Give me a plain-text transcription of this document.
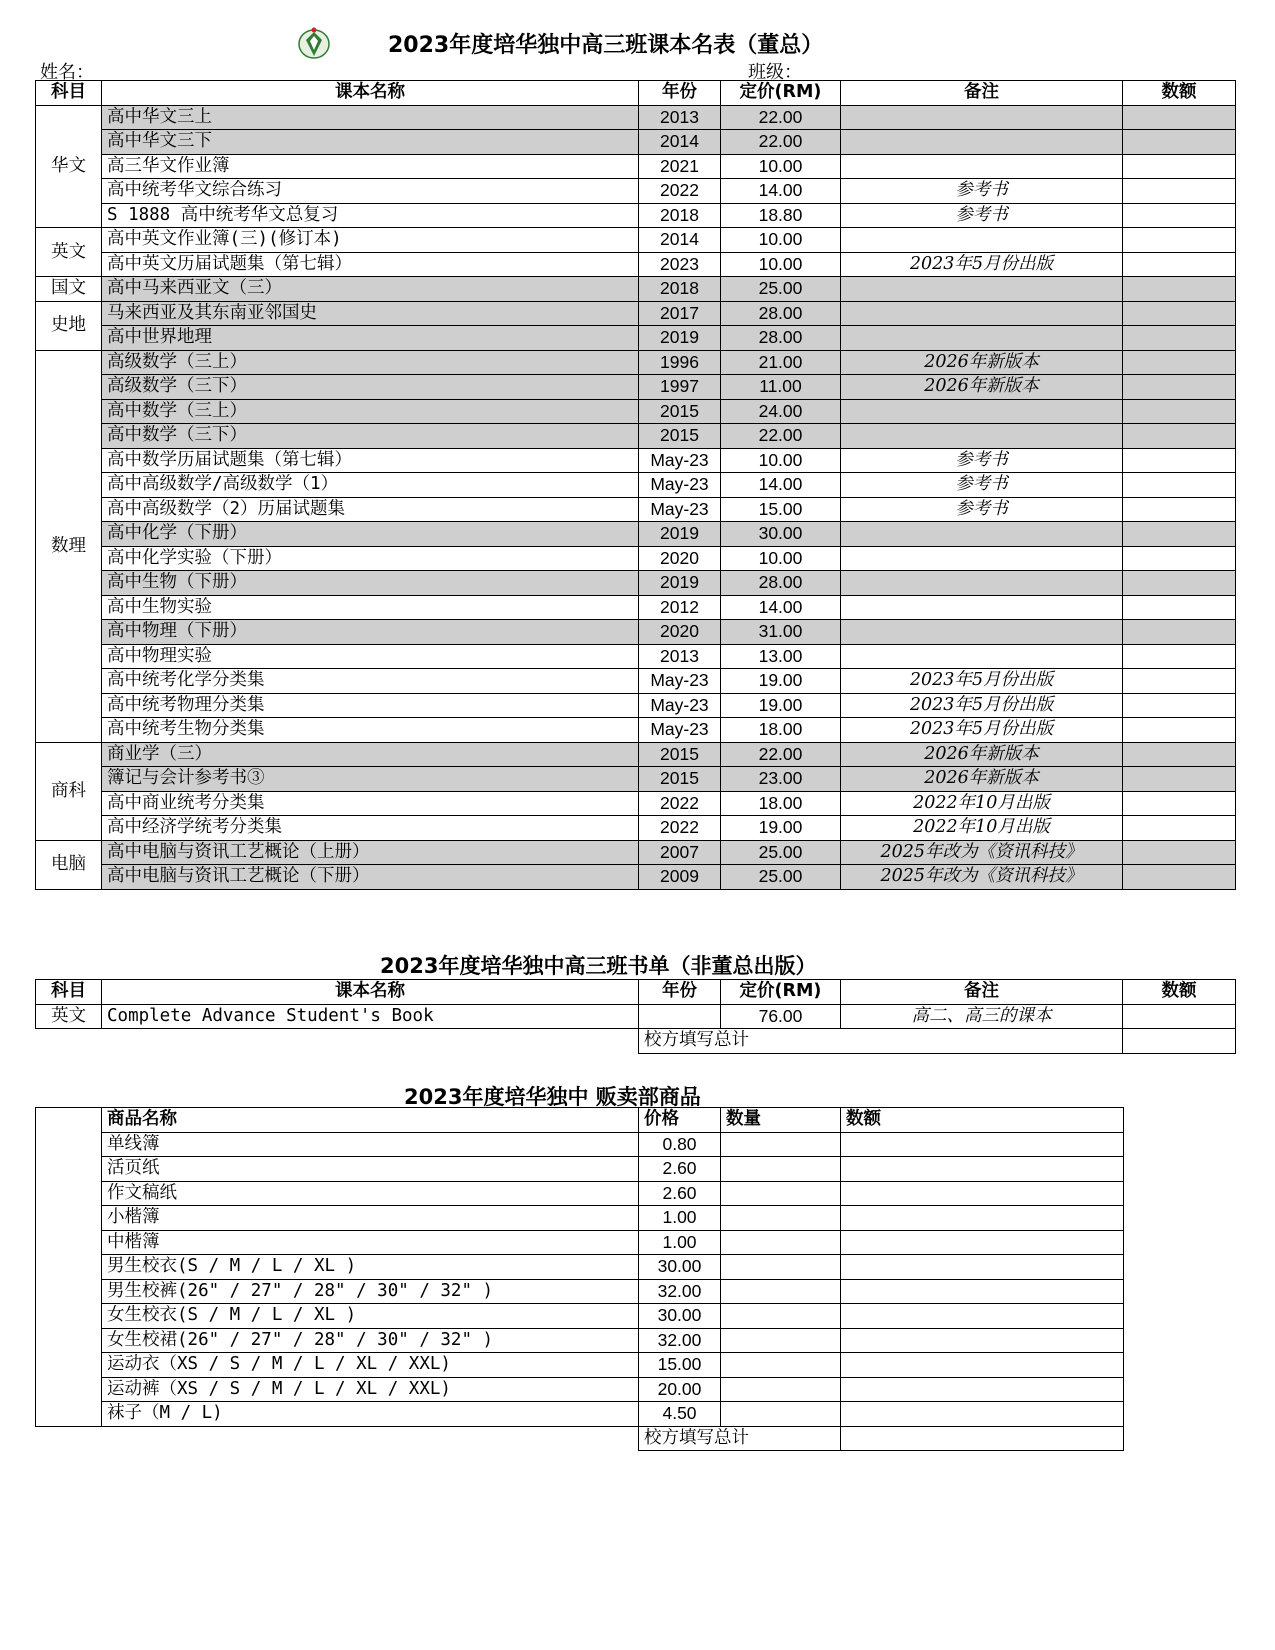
2023年度培华独中高三班课本名表（董总）
姓名：	班级：
科目	课本名称	年份	定价(RM)	备注	数额
华文	高中华文三上	2013	22.00		
	高中华文三下	2014	22.00		
	高三华文作业簿	2021	10.00		
	高中统考华文综合练习	2022	14.00	参考书	
	S 1888 高中统考华文总复习	2018	18.80	参考书	
英文	高中英文作业簿(三)(修订本)	2014	10.00		
	高中英文历届试题集（第七辑）	2023	10.00	2023年5月份出版	
国文	高中马来西亚文（三）	2018	25.00		
史地	马来西亚及其东南亚邻国史	2017	28.00		
	高中世界地理	2019	28.00		
数理	高级数学（三上）	1996	21.00	2026年新版本	
	高级数学（三下）	1997	11.00	2026年新版本	
	高中数学（三上）	2015	24.00		
	高中数学（三下）	2015	22.00		
	高中数学历届试题集（第七辑）	May-23	10.00	参考书	
	高中高级数学/高级数学（1）	May-23	14.00	参考书	
	高中高级数学（2）历届试题集	May-23	15.00	参考书	
	高中化学（下册）	2019	30.00		
	高中化学实验（下册）	2020	10.00		
	高中生物（下册）	2019	28.00		
	高中生物实验	2012	14.00		
	高中物理（下册）	2020	31.00		
	高中物理实验	2013	13.00		
	高中统考化学分类集	May-23	19.00	2023年5月份出版	
	高中统考物理分类集	May-23	19.00	2023年5月份出版	
	高中统考生物分类集	May-23	18.00	2023年5月份出版	
商科	商业学（三）	2015	22.00	2026年新版本	
	簿记与会计参考书③	2015	23.00	2026年新版本	
	高中商业统考分类集	2022	18.00	2022年10月出版	
	高中经济学统考分类集	2022	19.00	2022年10月出版	
电脑	高中电脑与资讯工艺概论（上册）	2007	25.00	2025年改为《资讯科技》	
	高中电脑与资讯工艺概论（下册）	2009	25.00	2025年改为《资讯科技》	
2023年度培华独中高三班书单（非董总出版）
科目	课本名称	年份	定价(RM)	备注	数额
英文	Complete Advance Student's Book		76.00	高二、高三的课本	
		校方填写总计			
2023年度培华独中 贩卖部商品
	商品名称	价格	数量	数额
	单线簿	0.80		
	活页纸	2.60		
	作文稿纸	2.60		
	小楷簿	1.00		
	中楷簿	1.00		
	男生校衣(S / M / L / XL )	30.00		
	男生校裤(26" / 27" / 28" / 30" / 32" )	32.00		
	女生校衣(S / M / L / XL )	30.00		
	女生校裙(26" / 27" / 28" / 30" / 32" )	32.00		
	运动衣（XS / S / M / L / XL / XXL)	15.00		
	运动裤（XS / S / M / L / XL / XXL)	20.00		
	袜子（M / L)	4.50		
		校方填写总计		
